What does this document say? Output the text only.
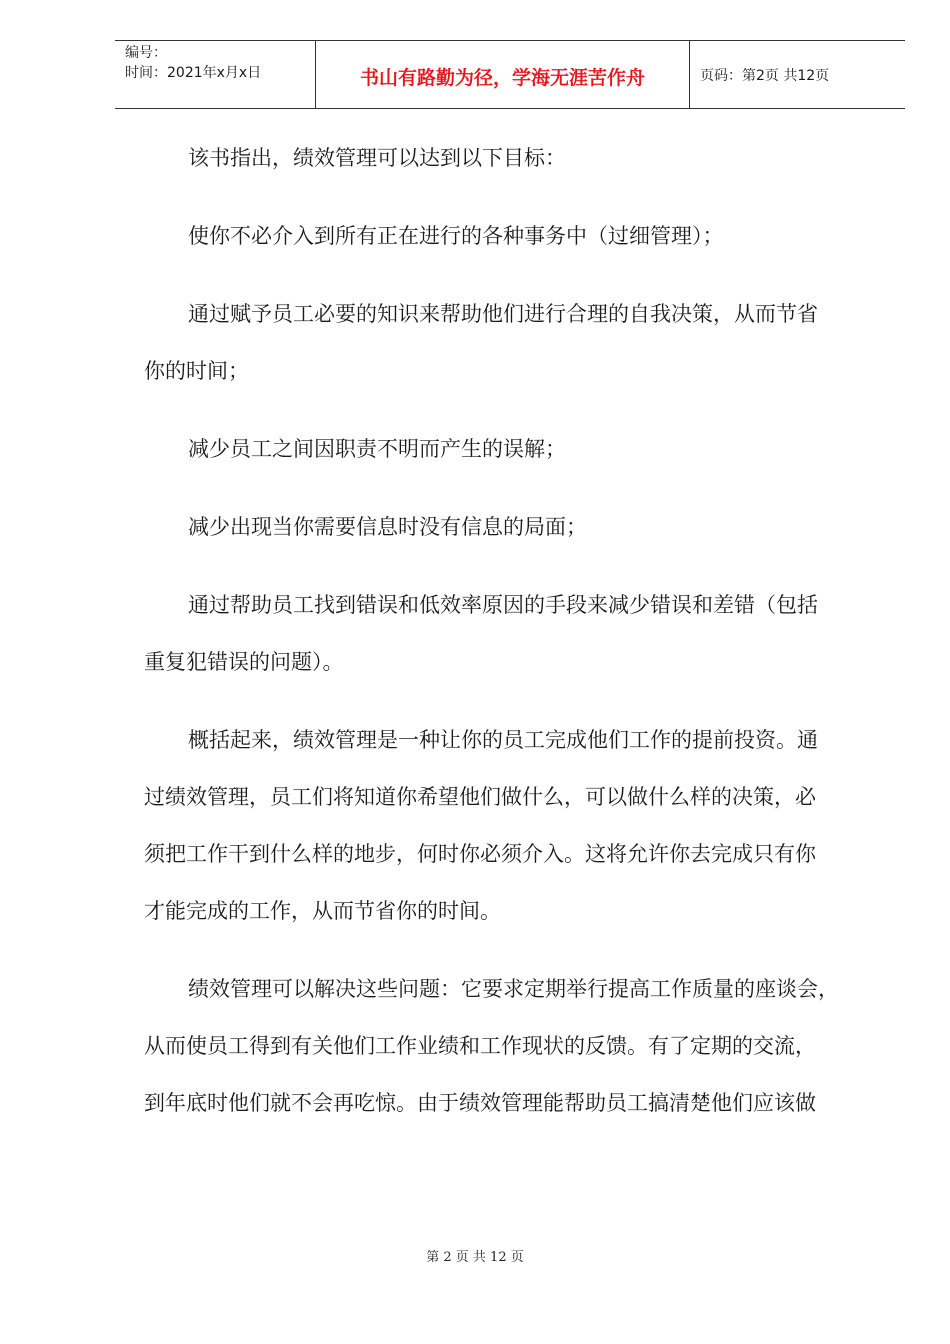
编号：
时间：2021年x月x日	书山有路勤为径，学海无涯苦作舟	页码：第2页 共12页
该书指出，绩效管理可以达到以下目标：
使你不必介入到所有正在进行的各种事务中（过细管理）；
通过赋予员工必要的知识来帮助他们进行合理的自我决策，从而节省
你的时间；
减少员工之间因职责不明而产生的误解；
减少出现当你需要信息时没有信息的局面；
通过帮助员工找到错误和低效率原因的手段来减少错误和差错（包括
重复犯错误的问题）。
概括起来，绩效管理是一种让你的员工完成他们工作的提前投资。通
过绩效管理，员工们将知道你希望他们做什么，可以做什么样的决策，必
须把工作干到什么样的地步，何时你必须介入。这将允许你去完成只有你
才能完成的工作，从而节省你的时间。
绩效管理可以解决这些问题：它要求定期举行提高工作质量的座谈会，
从而使员工得到有关他们工作业绩和工作现状的反馈。有了定期的交流，
到年底时他们就不会再吃惊。由于绩效管理能帮助员工搞清楚他们应该做
第 2 页 共 12 页
